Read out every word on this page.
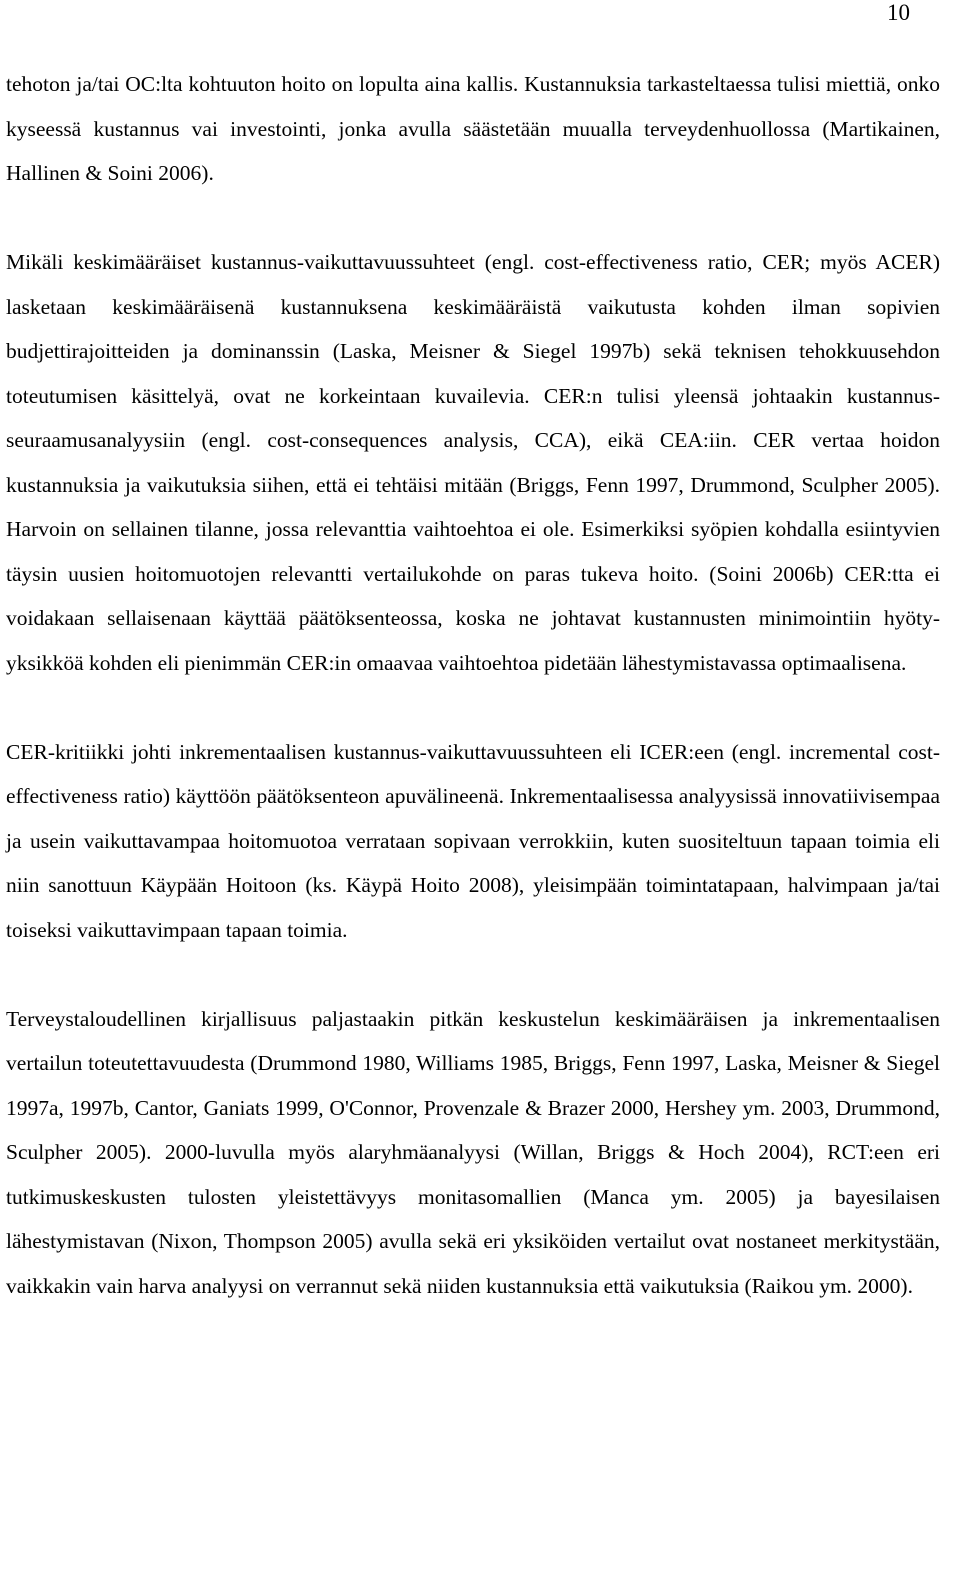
10

tehoton ja/tai OC:lta kohtuuton hoito on lopulta aina kallis. Kustannuksia tarkasteltaessa tulisi miettiä, onko kyseessä kustannus vai investointi, jonka avulla säästetään muualla terveydenhuollossa (Martikainen, Hallinen & Soini 2006).

Mikäli keskimääräiset kustannus-vaikuttavuussuhteet (engl. cost-effectiveness ratio, CER; myös ACER) lasketaan keskimääräisenä kustannuksena keskimääräistä vaikutusta kohden ilman sopivien budjettirajoitteiden ja dominanssin (Laska, Meisner & Siegel 1997b) sekä teknisen tehokkuusehdon toteutumisen käsittelyä, ovat ne korkeintaan kuvailevia. CER:n tulisi yleensä johtaakin kustannus-seuraamusanalyysiin (engl. cost-consequences analysis, CCA), eikä CEA:iin. CER vertaa hoidon kustannuksia ja vaikutuksia siihen, että ei tehtäisi mitään (Briggs, Fenn 1997, Drummond, Sculpher 2005). Harvoin on sellainen tilanne, jossa relevanttia vaihtoehtoa ei ole. Esimerkiksi syöpien kohdalla esiintyvien täysin uusien hoitomuotojen relevantti vertailukohde on paras tukeva hoito. (Soini 2006b) CER:tta ei voidakaan sellaisenaan käyttää päätöksenteossa, koska ne johtavat kustannusten minimointiin hyöty-yksikköä kohden eli pienimmän CER:in omaavaa vaihtoehtoa pidetään lähestymistavassa optimaalisena.

CER-kritiikki johti inkrementaalisen kustannus-vaikuttavuussuhteen eli ICER:een (engl. incremental cost-effectiveness ratio) käyttöön päätöksenteon apuvälineenä. Inkrementaalisessa analyysissä innovatiivisempaa ja usein vaikuttavampaa hoitomuotoa verrataan sopivaan verrokkiin, kuten suositeltuun tapaan toimia eli niin sanottuun Käypään Hoitoon (ks. Käypä Hoito 2008), yleisimpään toimintatapaan, halvimpaan ja/tai toiseksi vaikuttavimpaan tapaan toimia.

Terveystaloudellinen kirjallisuus paljastaakin pitkän keskustelun keskimääräisen ja inkrementaalisen vertailun toteutettavuudesta (Drummond 1980, Williams 1985, Briggs, Fenn 1997, Laska, Meisner & Siegel 1997a, 1997b, Cantor, Ganiats 1999, O'Connor, Provenzale & Brazer 2000, Hershey ym. 2003, Drummond, Sculpher 2005). 2000-luvulla myös alaryhmäanalyysi (Willan, Briggs & Hoch 2004), RCT:een eri tutkimuskeskusten tulosten yleistettävyys monitasomallien (Manca ym. 2005) ja bayesilaisen lähestymistavan (Nixon, Thompson 2005) avulla sekä eri yksiköiden vertailut ovat nostaneet merkitystään, vaikkakin vain harva analyysi on verrannut sekä niiden kustannuksia että vaikutuksia (Raikou ym. 2000).
